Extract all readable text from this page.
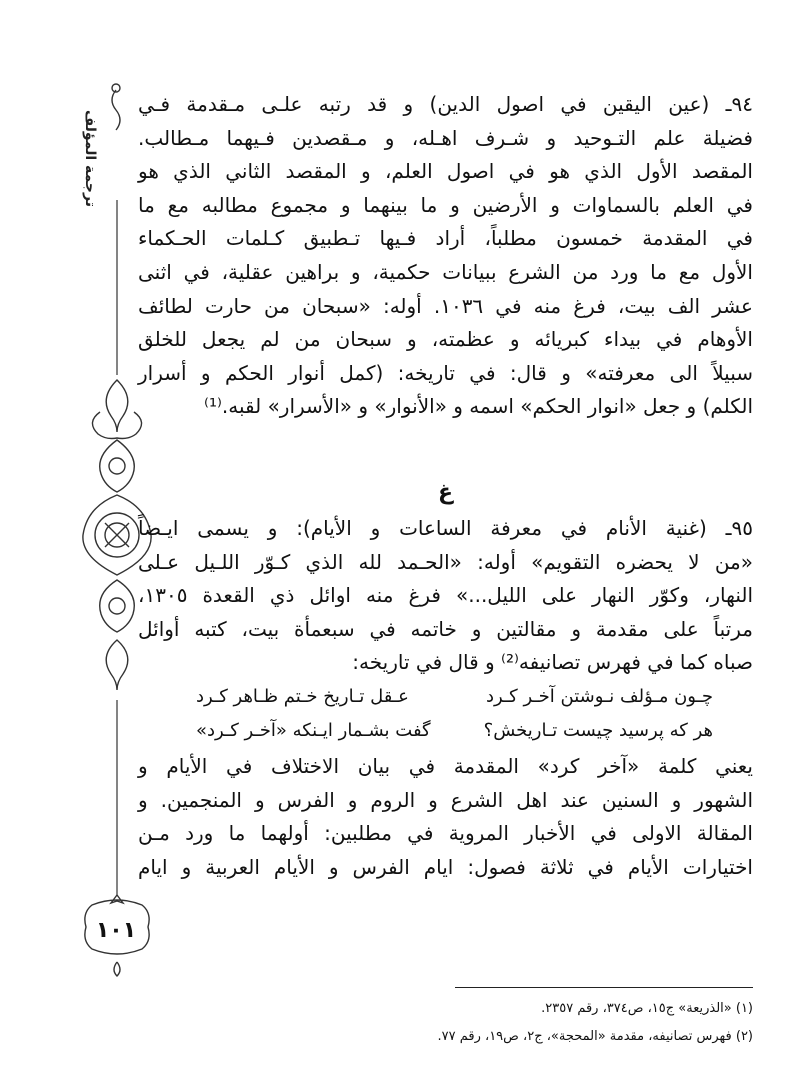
ترجمة المؤلف
٩٤ـ (عين اليقين في اصول الدين) و قد رتبه علـى مـقدمة فـي
فضيلة علم التـوحيد و شـرف اهـله، و مـقصدين فـيهما مـطالب.
المقصد الأول الذي هو في اصول العلم، و المقصد الثاني الذي هو
في العلم بالسماوات و الأرضين و ما بينهما و مجموع مطالبه مع ما
في المقدمة خمسون مطلباً، أراد فـيها تـطبيق كـلمات الحـكماء
الأول مع ما ورد من الشرع ببيانات حكمية، و براهين عقلية، في اثنى
عشر الف بيت، فرغ منه في ١٠٣٦. أوله: «سبحان من حارت لطائف
الأوهام في بيداء كبريائه و عظمته، و سبحان من لم يجعل للخلق
سبيلاً الى معرفته» و قال: في تاريخه: (كمل أنوار الحكم و أسرار
الكلم) و جعل «انوار الحكم» اسمه و «الأنوار» و «الأسرار» لقبه.⁽¹⁾
غ
٩٥ـ (غنية الأنام في معرفة الساعات و الأيام): و يسمى ايـضاً
«من لا يحضره التقويم» أوله: «الحـمد لله الذي كـوّر اللـيل عـلى
النهار، وكوّر النهار على الليل...» فرغ منه اوائل ذي القعدة ١٣٠٥،
مرتباً على مقدمة و مقالتين و خاتمه في سبعمأة بيت، كتبه أوائل
صباه كما في فهرس تصانيفه⁽²⁾ و قال في تاريخه:
چـون مـؤلف نـوشتن آخـر كـرد
عـقل تـاريخ خـتم ظـاهر كـرد
هر كه پرسيد چيست تـاريخش؟
گفت بشـمار ايـنكه «آخـر كـرد»
يعني كلمة «آخر كرد» المقدمة في بيان الاختلاف في الأيام و
الشهور و السنين عند اهل الشرع و الروم و الفرس و المنجمين. و
المقالة الاولى في الأخبار المروية في مطلبين: أولهما ما ورد مـن
اختيارات الأيام في ثلاثة فصول: ايام الفرس و الأيام العربية و ايام
١٠١
(١) «الذريعة» ج١٥، ص٣٧٤، رقم ٢٣٥٧.
(٢) فهرس تصانيفه، مقدمة «المحجة»، ج٢، ص١٩، رقم ٧٧.
